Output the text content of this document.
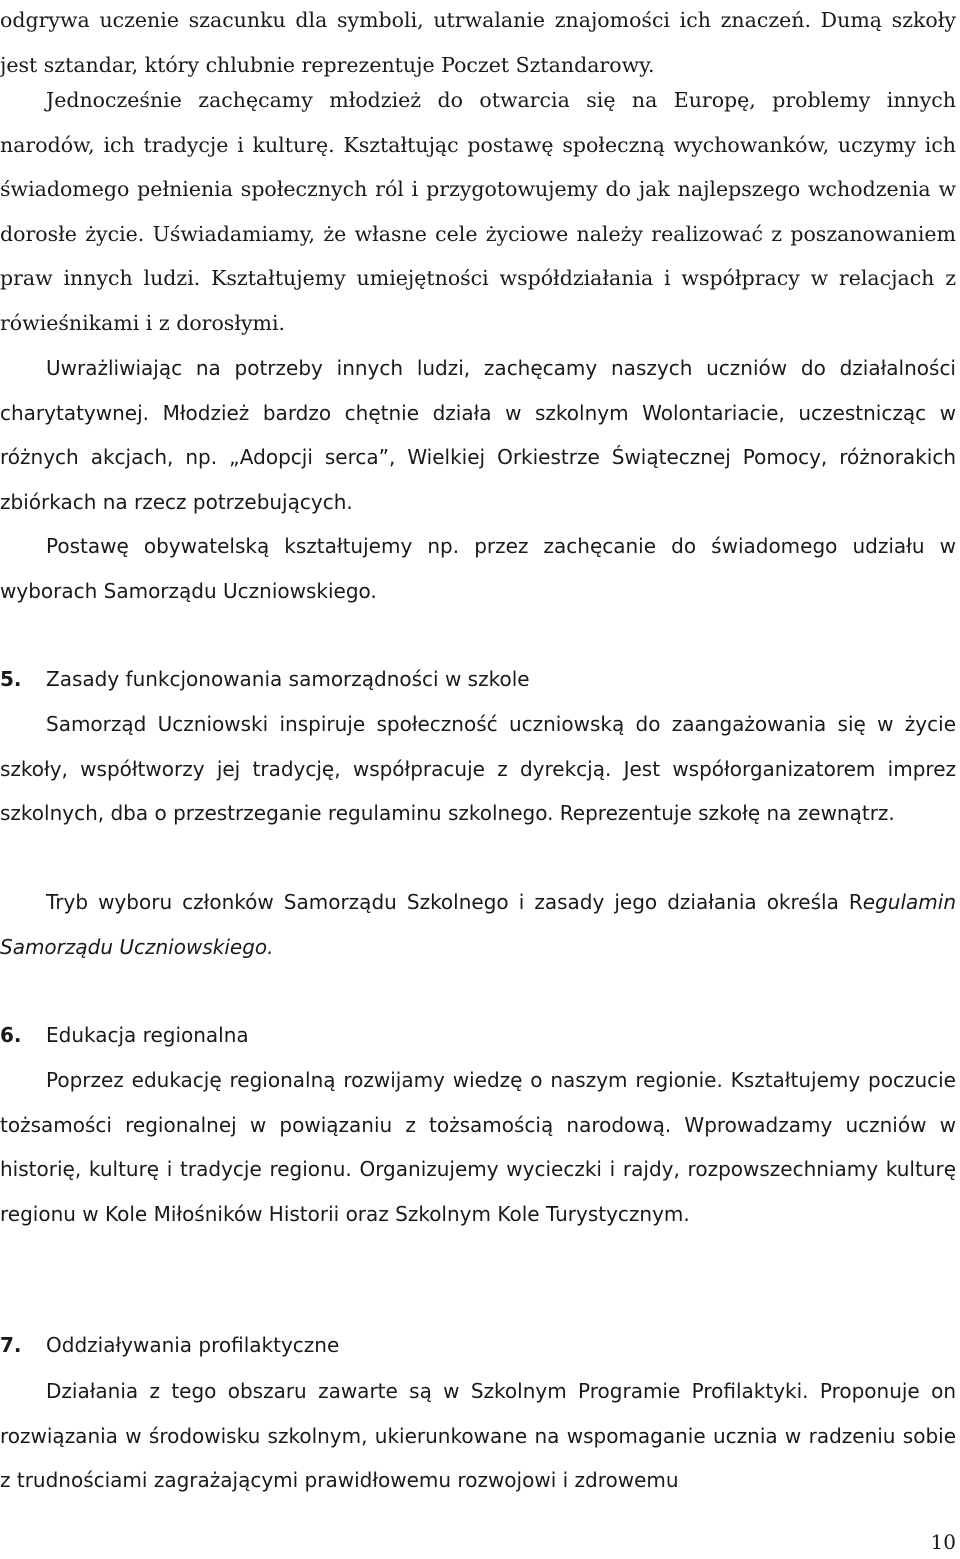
odgrywa uczenie szacunku dla symboli, utrwalanie znajomości ich znaczeń. Dumą szkoły jest sztandar, który chlubnie reprezentuje Poczet Sztandarowy.

Jednocześnie zachęcamy młodzież do otwarcia się na Europę, problemy innych narodów, ich tradycje i kulturę. Kształtując postawę społeczną wychowanków, uczymy ich świadomego pełnienia społecznych ról i przygotowujemy do jak najlepszego wchodzenia w dorosłe życie. Uświadamiamy, że własne cele życiowe należy realizować z poszanowaniem praw innych ludzi. Kształtujemy umiejętności współdziałania i współpracy w relacjach z rówieśnikami i z dorosłymi.

Uwrażliwiając na potrzeby innych ludzi, zachęcamy naszych uczniów do działalności charytatywnej. Młodzież bardzo chętnie działa w szkolnym Wolontariacie, uczestnicząc w różnych akcjach, np. „Adopcji serca”, Wielkiej Orkiestrze Świątecznej Pomocy, różnorakich zbiórkach na rzecz potrzebujących.

Postawę obywatelską kształtujemy np. przez zachęcanie do świadomego udziału w wyborach Samorządu Uczniowskiego.

5. Zasady funkcjonowania samorządności w szkole

Samorząd Uczniowski inspiruje społeczność uczniowską do zaangażowania się w życie szkoły, współtworzy jej tradycję, współpracuje z dyrekcją. Jest współorganizatorem imprez szkolnych, dba o przestrzeganie regulaminu szkolnego. Reprezentuje szkołę na zewnątrz.

Tryb wyboru członków Samorządu Szkolnego i zasady jego działania określa Regulamin Samorządu Uczniowskiego.

6. Edukacja regionalna

Poprzez edukację regionalną rozwijamy wiedzę o naszym regionie. Kształtujemy poczucie tożsamości regionalnej w powiązaniu z tożsamością narodową. Wprowadzamy uczniów w historię, kulturę i tradycje regionu. Organizujemy wycieczki i rajdy, rozpowszechniamy kulturę regionu w Kole Miłośników Historii oraz Szkolnym Kole Turystycznym.

7. Oddziaływania profilaktyczne

Działania z tego obszaru zawarte są w Szkolnym Programie Profilaktyki. Proponuje on rozwiązania w środowisku szkolnym, ukierunkowane na wspomaganie ucznia w radzeniu sobie z trudnościami zagrażającymi prawidłowemu rozwojowi i zdrowemu

10
